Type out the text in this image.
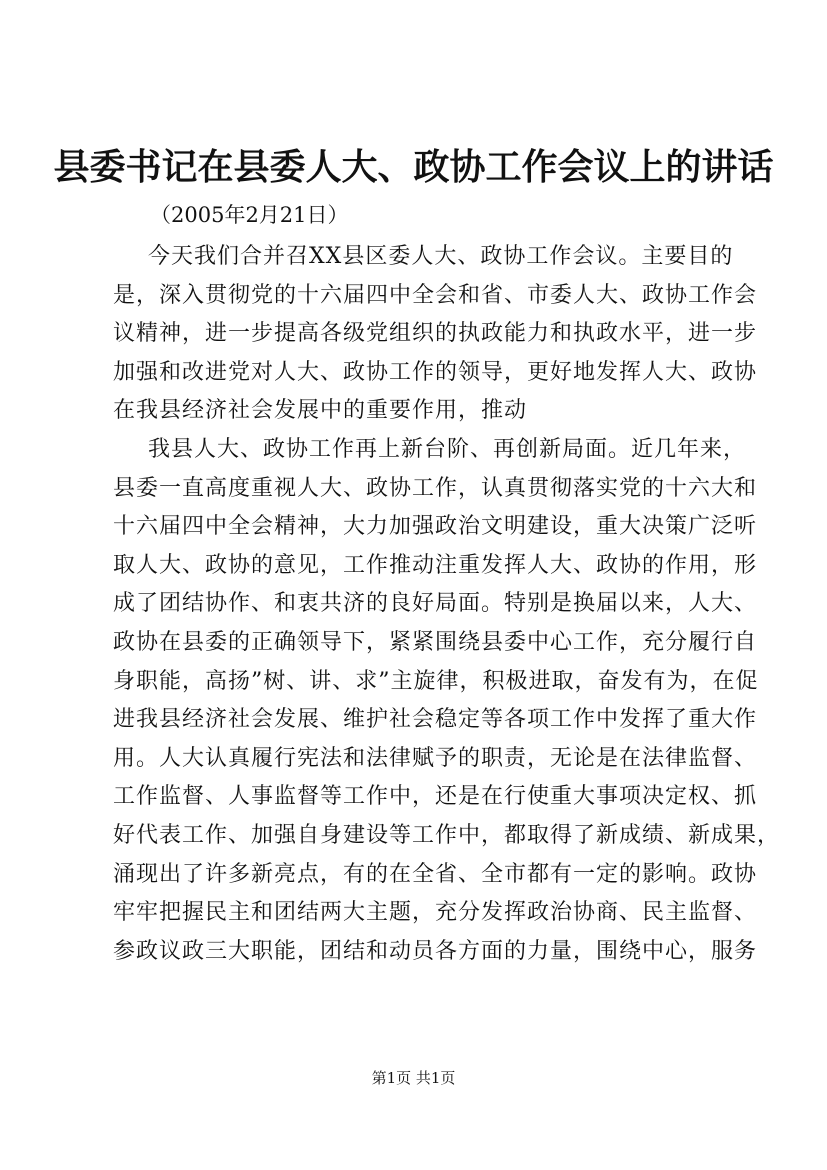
县委书记在县委人大、政协工作会议上的讲话
（2005年2月21日）
今天我们合并召XX县区委人大、政协工作会议。主要目的
是，深入贯彻党的十六届四中全会和省、市委人大、政协工作会
议精神，进一步提高各级党组织的执政能力和执政水平，进一步
加强和改进党对人大、政协工作的领导，更好地发挥人大、政协
在我县经济社会发展中的重要作用，推动
我县人大、政协工作再上新台阶、再创新局面。近几年来，
县委一直高度重视人大、政协工作，认真贯彻落实党的十六大和
十六届四中全会精神，大力加强政治文明建设，重大决策广泛听
取人大、政协的意见，工作推动注重发挥人大、政协的作用，形
成了团结协作、和衷共济的良好局面。特别是换届以来，人大、
政协在县委的正确领导下，紧紧围绕县委中心工作，充分履行自
身职能，高扬”树、讲、求”主旋律，积极进取，奋发有为，在促
进我县经济社会发展、维护社会稳定等各项工作中发挥了重大作
用。人大认真履行宪法和法律赋予的职责，无论是在法律监督、
工作监督、人事监督等工作中，还是在行使重大事项决定权、抓
好代表工作、加强自身建设等工作中，都取得了新成绩、新成果，
涌现出了许多新亮点，有的在全省、全市都有一定的影响。政协
牢牢把握民主和团结两大主题，充分发挥政治协商、民主监督、
参政议政三大职能，团结和动员各方面的力量，围绕中心，服务
第1页 共1页
